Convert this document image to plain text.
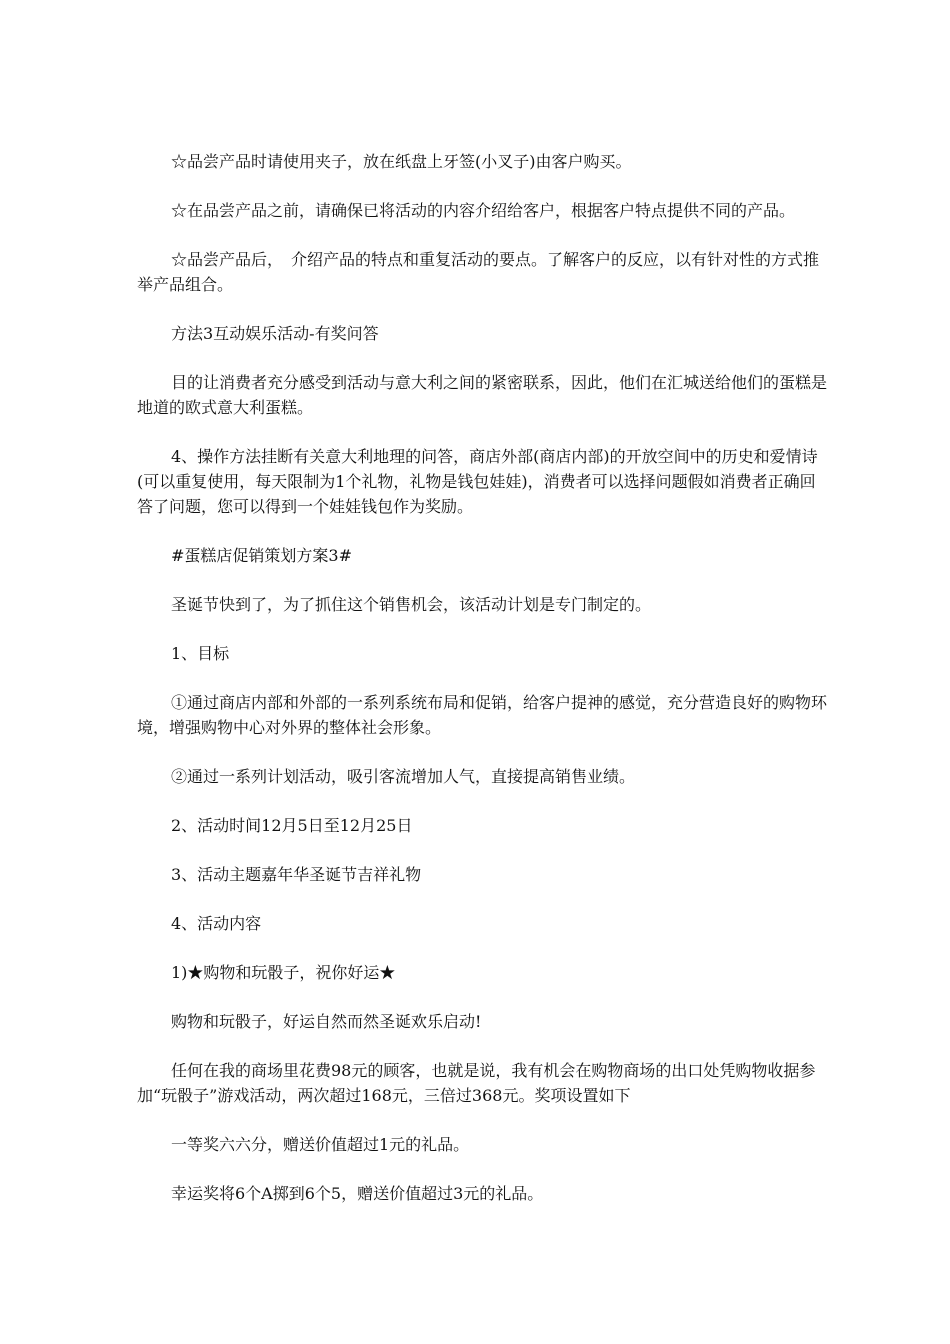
☆品尝产品时请使用夹子，放在纸盘上牙签(小叉子)由客户购买。

☆在品尝产品之前，请确保已将活动的内容介绍给客户，根据客户特点提供不同的产品。

☆品尝产品后，　介绍产品的特点和重复活动的要点。了解客户的反应，以有针对性的方式推举产品组合。

方法3互动娱乐活动-有奖问答

目的让消费者充分感受到活动与意大利之间的紧密联系，因此，他们在汇城送给他们的蛋糕是地道的欧式意大利蛋糕。

4、操作方法挂断有关意大利地理的问答，商店外部(商店内部)的开放空间中的历史和爱情诗(可以重复使用，每天限制为1个礼物，礼物是钱包娃娃)，消费者可以选择问题假如消费者正确回答了问题，您可以得到一个娃娃钱包作为奖励。

#蛋糕店促销策划方案3#

圣诞节快到了，为了抓住这个销售机会，该活动计划是专门制定的。

1、目标

①通过商店内部和外部的一系列系统布局和促销，给客户提神的感觉，充分营造良好的购物环境，增强购物中心对外界的整体社会形象。

②通过一系列计划活动，吸引客流增加人气，直接提高销售业绩。

2、活动时间12月5日至12月25日

3、活动主题嘉年华圣诞节吉祥礼物

4、活动内容

1)★购物和玩骰子，祝你好运★

购物和玩骰子，好运自然而然圣诞欢乐启动!

任何在我的商场里花费98元的顾客，也就是说，我有机会在购物商场的出口处凭购物收据参加“玩骰子”游戏活动，两次超过168元，三倍过368元。奖项设置如下

一等奖六六分，赠送价值超过1元的礼品。

幸运奖将6个A掷到6个5，赠送价值超过3元的礼品。
